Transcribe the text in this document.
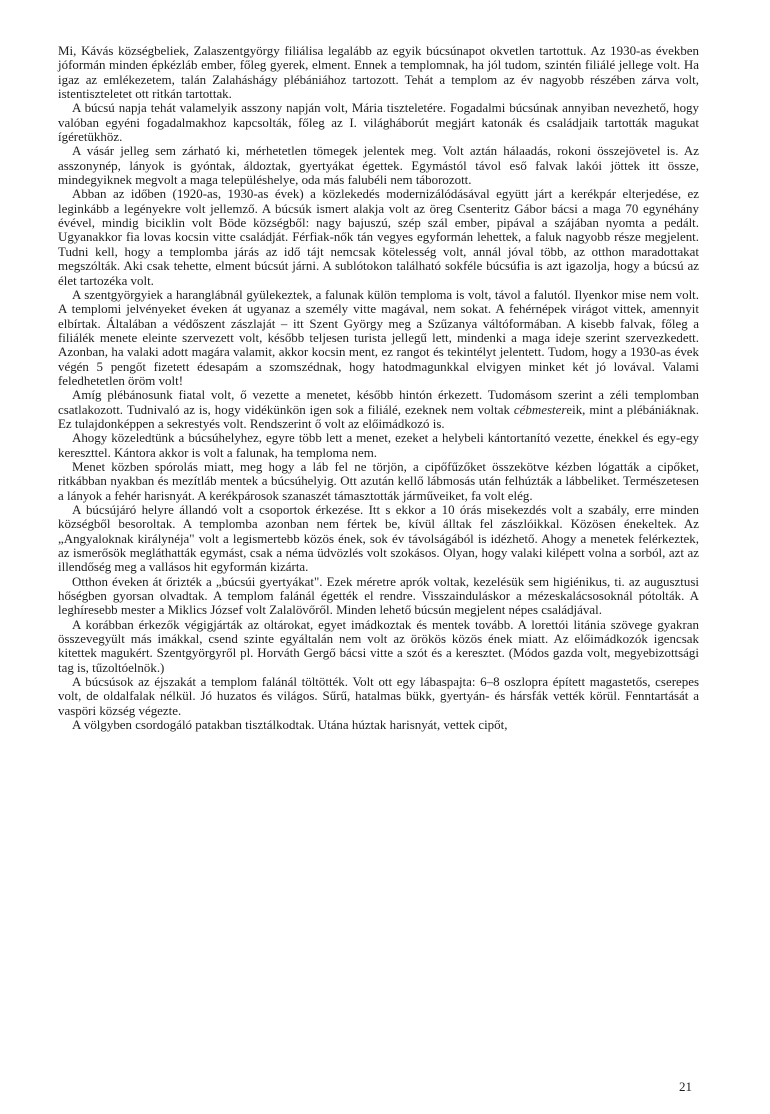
Mi, Kávás községbeliek, Zalaszentgyörgy filiálisa legalább az egyik búcsúnapot okvetlen tartottuk. Az 1930-as években jóformán minden épkézláb ember, főleg gyerek, elment. Ennek a templomnak, ha jól tudom, szintén filiálé jellege volt. Ha igaz az emlékezetem, talán Zalaháshágy plébániához tartozott. Tehát a templom az év nagyobb részében zárva volt, istentiszteletet ott ritkán tartottak.

A búcsú napja tehát valamelyik asszony napján volt, Mária tiszteletére. Fogadalmi búcsúnak annyiban nevezhető, hogy valóban egyéni fogadalmakhoz kapcsolták, főleg az I. világháborút megjárt katonák és családjaik tartották magukat ígéretükhöz.

A vásár jelleg sem zárható ki, mérhetetlen tömegek jelentek meg. Volt aztán hálaadás, rokoni összejövetel is. Az asszonynép, lányok is gyóntak, áldoztak, gyertyákat égettek. Egymástól távol eső falvak lakói jöttek itt össze, mindegyiknek megvolt a maga településhelye, oda más falubéli nem táborozott.

Abban az időben (1920-as, 1930-as évek) a közlekedés modernizálódásával együtt járt a kerékpár elterjedése, ez leginkább a legényekre volt jellemző. A búcsúk ismert alakja volt az öreg Csenteritz Gábor bácsi a maga 70 egynéhány évével, mindig biciklin volt Böde községből: nagy bajuszú, szép szál ember, pipával a szájában nyomta a pedált. Ugyanakkor fia lovas kocsin vitte családját. Férfiak-nők tán vegyes egyformán lehettek, a faluk nagyobb része megjelent. Tudni kell, hogy a templomba járás az idő tájt nemcsak kötelesség volt, annál jóval több, az otthon maradottakat megszólták. Aki csak tehette, elment búcsút járni. A sublótokon található sokféle búcsúfia is azt igazolja, hogy a búcsú az élet tartozéka volt.

A szentgyörgyiek a haranglábnál gyülekeztek, a falunak külön temploma is volt, távol a falutól. Ilyenkor mise nem volt. A templomi jelvényeket éveken át ugyanaz a személy vitte magával, nem sokat. A fehérnépek virágot vittek, amennyit elbírtak. Általában a védőszent zászlaját – itt Szent György meg a Szűzanya váltóformában. A kisebb falvak, főleg a filiálék menete eleinte szervezett volt, később teljesen turista jellegű lett, mindenki a maga ideje szerint szervezkedett. Azonban, ha valaki adott magára valamit, akkor kocsin ment, ez rangot és tekintélyt jelentett. Tudom, hogy a 1930-as évek végén 5 pengőt fizetett édesapám a szomszédnak, hogy hatodmagunkkal elvigyen minket két jó lovával. Valami feledhetetlen öröm volt!

Amíg plébánosunk fiatal volt, ő vezette a menetet, később hintón érkezett. Tudomásom szerint a zéli templomban csatlakozott. Tudnivaló az is, hogy vidékünkön igen sok a filiálé, ezeknek nem voltak cébmestereik, mint a plébániáknak. Ez tulajdonképpen a sekrestyés volt. Rendszerint ő volt az előimádkozó is.

Ahogy közeledtünk a búcsúhelyhez, egyre több lett a menet, ezeket a helybeli kántortanító vezette, énekkel és egy-egy kereszttel. Kántora akkor is volt a falunak, ha temploma nem.

Menet közben spórolás miatt, meg hogy a láb fel ne törjön, a cipőfűzőket összekötve kézben lógatták a cipőket, ritkábban nyakban és mezítláb mentek a búcsúhelyig. Ott azután kellő lábmosás után felhúzták a lábbeliket. Természetesen a lányok a fehér harisnyát. A kerékpárosok szanaszét támasztották járműveiket, fa volt elég.

A búcsújáró helyre állandó volt a csoportok érkezése. Itt s ekkor a 10 órás misekezdés volt a szabály, erre minden községből besoroltak. A templomba azonban nem fértek be, kívül álltak fel zászlóikkal. Közösen énekeltek. Az „Angyaloknak királynéja" volt a legismertebb közös ének, sok év távolságából is idézhető. Ahogy a menetek felérkeztek, az ismerősök megláthatták egymást, csak a néma üdvözlés volt szokásos. Olyan, hogy valaki kilépett volna a sorból, azt az illendőség meg a vallásos hit egyformán kizárta.

Otthon éveken át őrizték a „búcsúi gyertyákat". Ezek méretre aprók voltak, kezelésük sem higiénikus, ti. az augusztusi hőségben gyorsan olvadtak. A templom falánál égették el rendre. Visszainduláskor a mézeskalácsosoknál pótolták. A leghíresebb mester a Miklics József volt Zalalövőről. Minden lehető búcsún megjelent népes családjával.

A korábban érkezők végigjárták az oltárokat, egyet imádkoztak és mentek tovább. A lorettói litánia szövege gyakran összevegyült más imákkal, csend szinte egyáltalán nem volt az örökös közös ének miatt. Az előimádkozók igencsak kitettek magukért. Szentgyörgyről pl. Horváth Gergő bácsi vitte a szót és a keresztet. (Módos gazda volt, megyebizottsági tag is, tűzoltóelnök.)

A búcsúsok az éjszakát a templom falánál töltötték. Volt ott egy lábaspajta: 6–8 oszlopra épített magastetős, cserepes volt, de oldalfalak nélkül. Jó huzatos és világos. Sűrű, hatalmas bükk, gyertyán- és hársfák vették körül. Fenntartását a vaspöri község végezte.

A völgyben csordogáló patakban tisztálkodtak. Utána húztak harisnyát, vettek cipőt,

21
